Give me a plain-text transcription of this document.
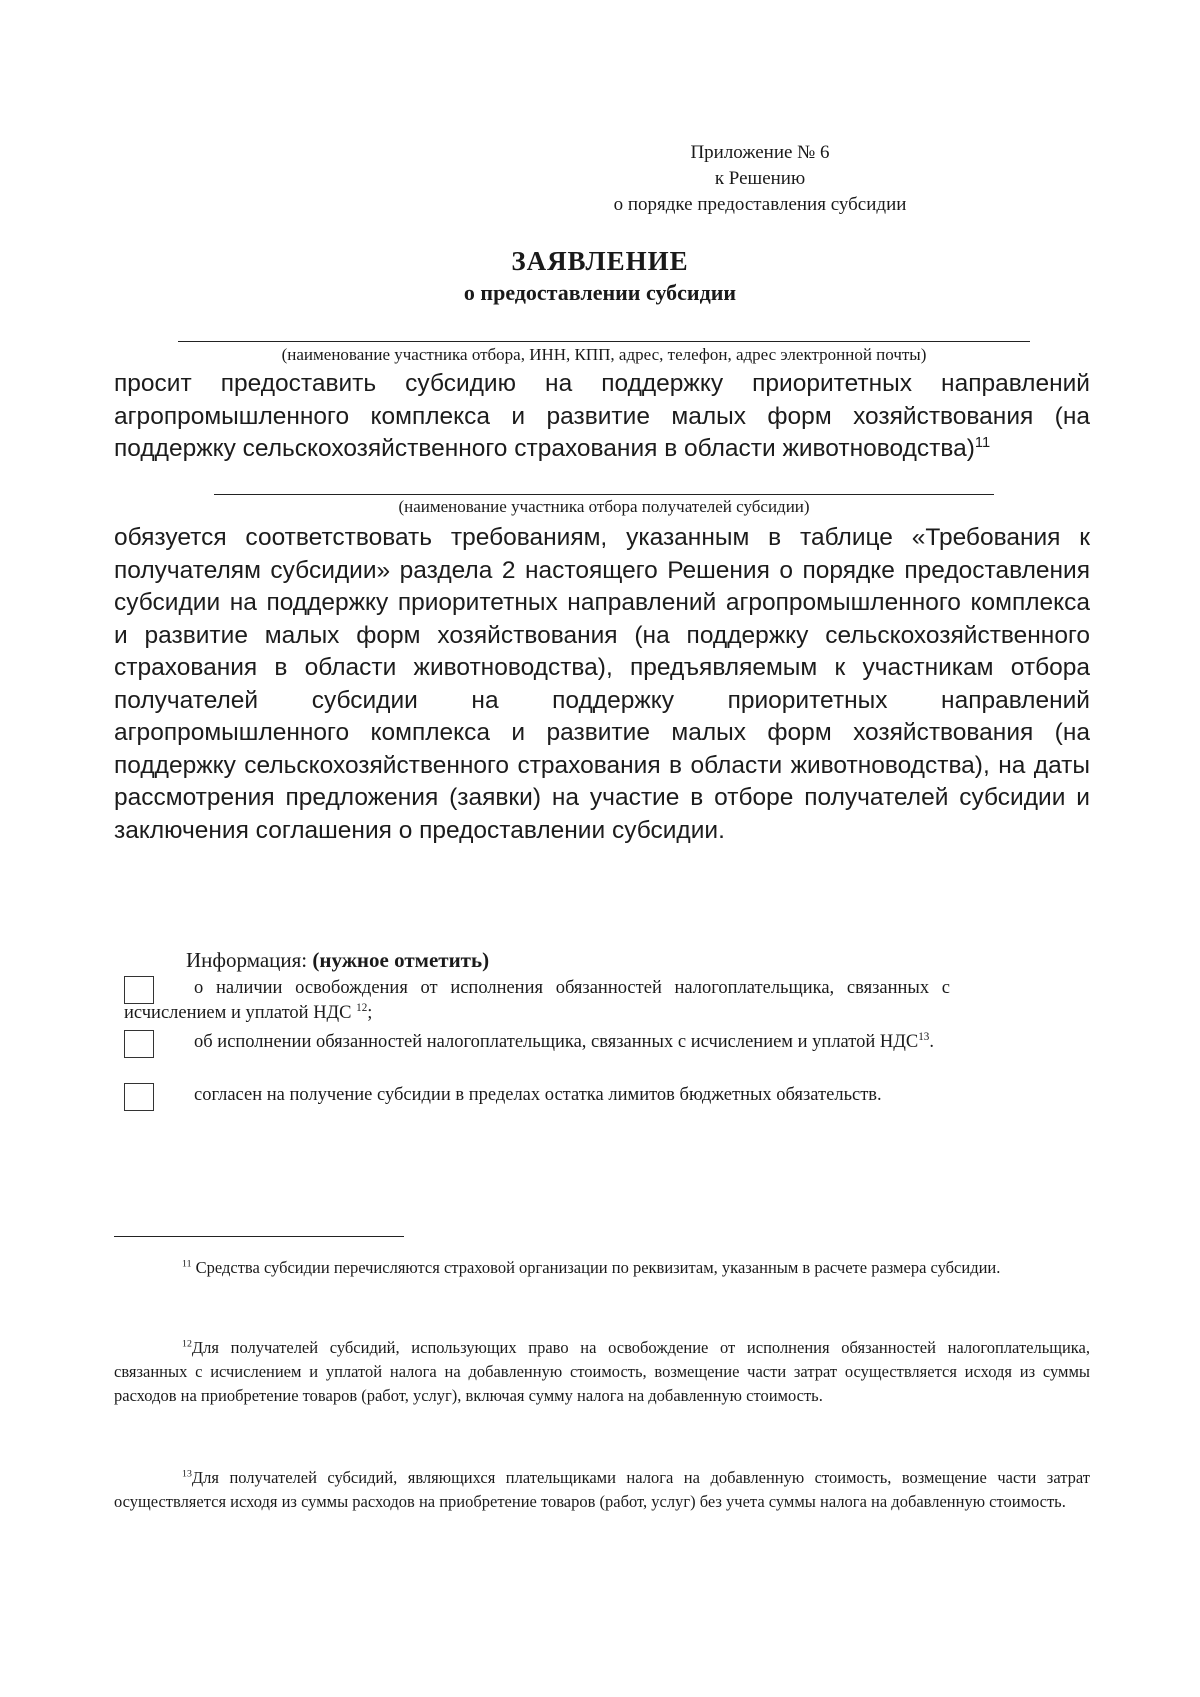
Приложение № 6
к Решению
о порядке предоставления субсидии
ЗАЯВЛЕНИЕ
о предоставлении субсидии
(наименование участника отбора, ИНН, КПП, адрес, телефон, адрес электронной почты)
просит предоставить субсидию на поддержку приоритетных направлений агропромышленного комплекса и развитие малых форм хозяйствования (на поддержку сельскохозяйственного страхования в области животноводства)$^{11}$
(наименование участника отбора получателей субсидии)
обязуется соответствовать требованиям, указанным в таблице «Требования к получателям субсидии» раздела 2 настоящего Решения о порядке предоставления субсидии на поддержку приоритетных направлений агропромышленного комплекса и развитие малых форм хозяйствования (на поддержку сельскохозяйственного страхования в области животноводства), предъявляемым к участникам отбора получателей субсидии на поддержку приоритетных направлений агропромышленного комплекса и развитие малых форм хозяйствования (на поддержку сельскохозяйственного страхования в области животноводства), на даты рассмотрения предложения (заявки) на участие в отборе получателей субсидии и заключения соглашения о предоставлении субсидии.
Информация: (нужное отметить)
о наличии освобождения от исполнения обязанностей налогоплательщика, связанных с исчислением и уплатой НДС $^{12}$;
об исполнении обязанностей налогоплательщика, связанных с исчислением и уплатой НДС$^{13}$.
согласен на получение субсидии в пределах остатка лимитов бюджетных обязательств.
$^{11}$ Средства субсидии перечисляются страховой организации по реквизитам, указанным в расчете размера субсидии.
$^{12}$Для получателей субсидий, использующих право на освобождение от исполнения обязанностей налогоплательщика, связанных с исчислением и уплатой налога на добавленную стоимость, возмещение части затрат осуществляется исходя из суммы расходов на приобретение товаров (работ, услуг), включая сумму налога на добавленную стоимость.
$^{13}$Для получателей субсидий, являющихся плательщиками налога на добавленную стоимость, возмещение части затрат осуществляется исходя из суммы расходов на приобретение товаров (работ, услуг) без учета суммы налога на добавленную стоимость.
